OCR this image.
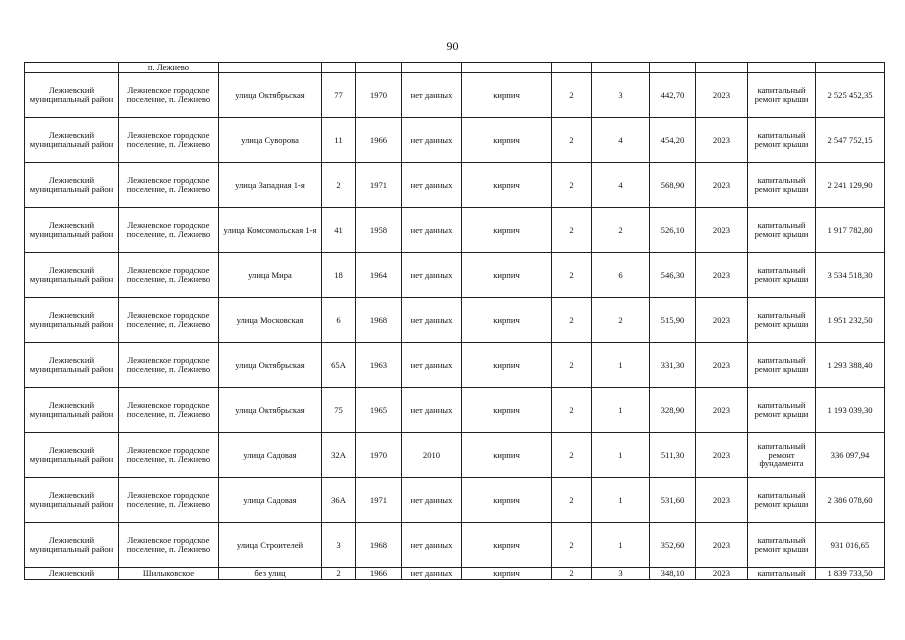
90
	п. Лежнево											
Лежневский муниципальный район	Лежневское городское поселение, п. Лежнево	улица Октябрьская	77	1970	нет данных	кирпич	2	3	442,70	2023	капитальный ремонт крыши	2 525 452,35
Лежневский муниципальный район	Лежневское городское поселение, п. Лежнево	улица Суворова	11	1966	нет данных	кирпич	2	4	454,20	2023	капитальный ремонт крыши	2 547 752,15
Лежневский муниципальный район	Лежневское городское поселение, п. Лежнево	улица Западная 1-я	2	1971	нет данных	кирпич	2	4	568,90	2023	капитальный ремонт крыши	2 241 129,90
Лежневский муниципальный район	Лежневское городское поселение, п. Лежнево	улица Комсомольская 1-я	41	1958	нет данных	кирпич	2	2	526,10	2023	капитальный ремонт крыши	1 917 782,80
Лежневский муниципальный район	Лежневское городское поселение, п. Лежнево	улица Мира	18	1964	нет данных	кирпич	2	6	546,30	2023	капитальный ремонт крыши	3 534 518,30
Лежневский муниципальный район	Лежневское городское поселение, п. Лежнево	улица Московская	6	1968	нет данных	кирпич	2	2	515,90	2023	капитальный ремонт крыши	1 951 232,50
Лежневский муниципальный район	Лежневское городское поселение, п. Лежнево	улица Октябрьская	65А	1963	нет данных	кирпич	2	1	331,30	2023	капитальный ремонт крыши	1 293 388,40
Лежневский муниципальный район	Лежневское городское поселение, п. Лежнево	улица Октябрьская	75	1965	нет данных	кирпич	2	1	328,90	2023	капитальный ремонт крыши	1 193 039,30
Лежневский муниципальный район	Лежневское городское поселение, п. Лежнево	улица Садовая	32А	1970	2010	кирпич	2	1	511,30	2023	капитальный ремонт фундамента	336 097,94
Лежневский муниципальный район	Лежневское городское поселение, п. Лежнево	улица Садовая	36А	1971	нет данных	кирпич	2	1	531,60	2023	капитальный ремонт крыши	2 386 078,60
Лежневский муниципальный район	Лежневское городское поселение, п. Лежнево	улица Строителей	3	1968	нет данных	кирпич	2	1	352,60	2023	капитальный ремонт крыши	931 016,65
Лежневский	Шилыковское	без улиц	2	1966	нет данных	кирпич	2	3	348,10	2023	капитальный	1 839 733,50
